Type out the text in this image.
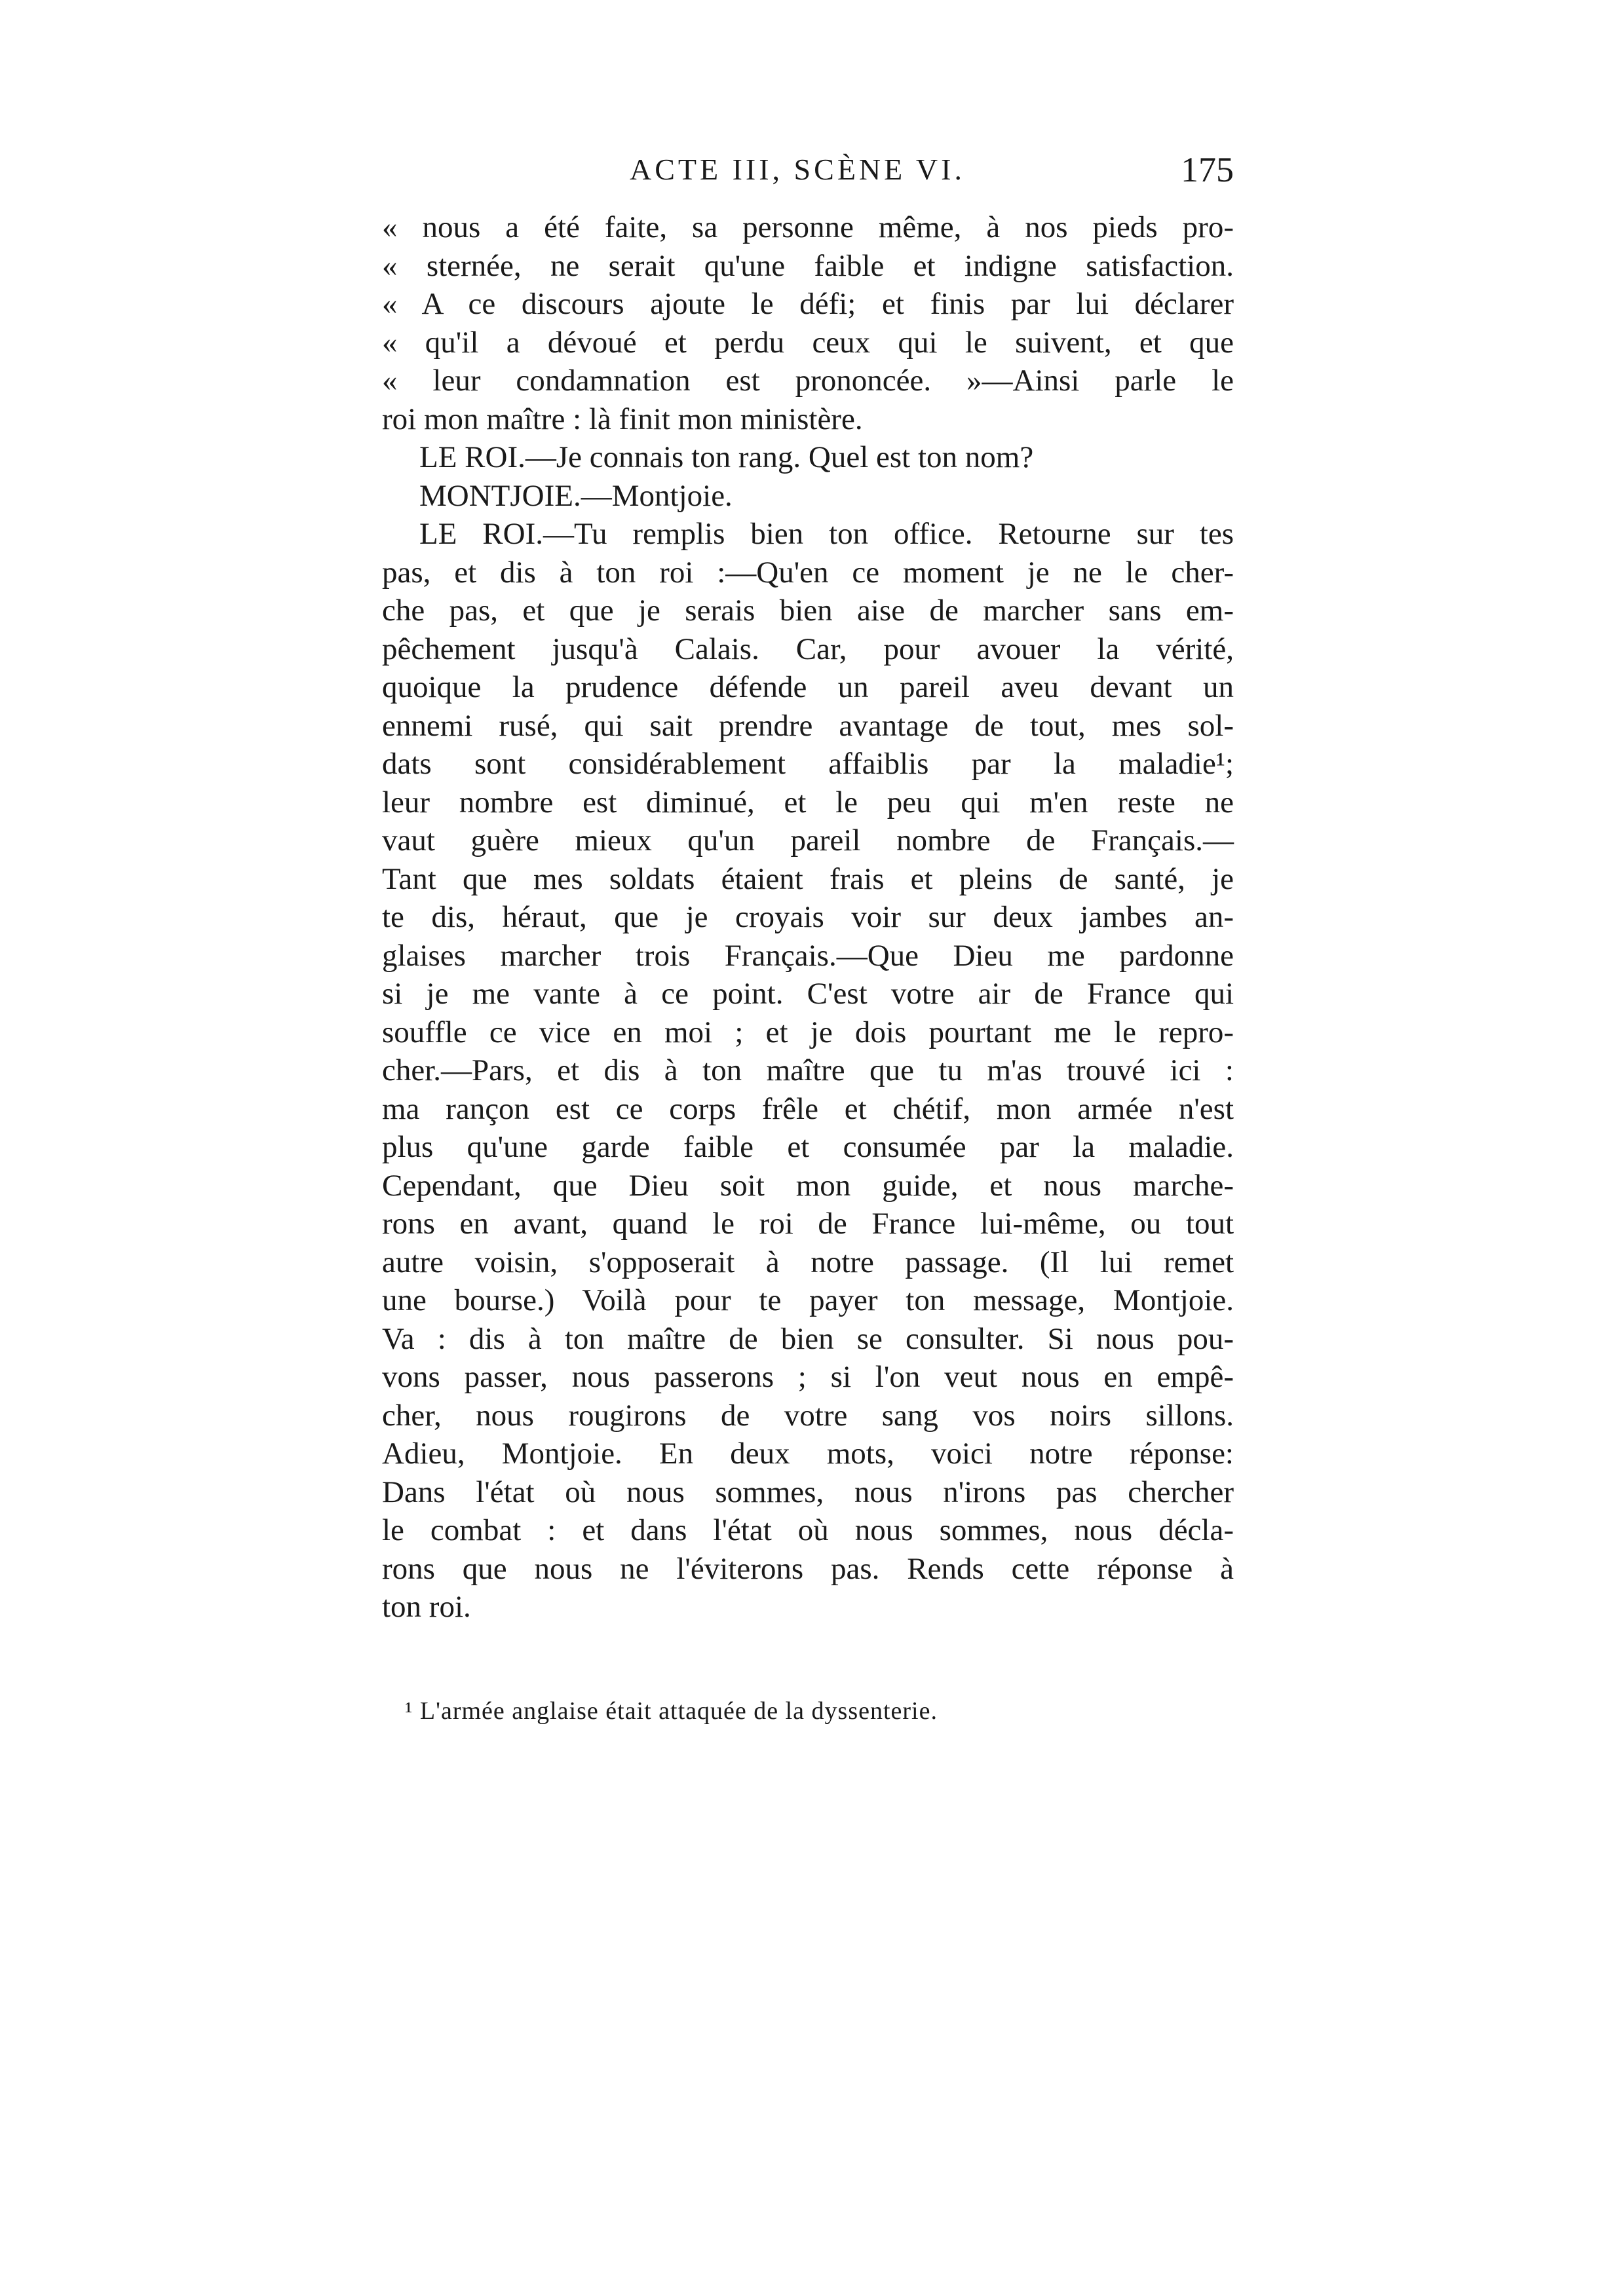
ACTE III, SCÈNE VI.	175
« nous a été faite, sa personne même, à nos pieds pro-
« sternée, ne serait qu'une faible et indigne satisfaction.
« A ce discours ajoute le défi; et finis par lui déclarer
« qu'il a dévoué et perdu ceux qui le suivent, et que
« leur condamnation est prononcée. »—Ainsi parle le
roi mon maître : là finit mon ministère.
LE ROI.—Je connais ton rang. Quel est ton nom?
MONTJOIE.—Montjoie.
LE ROI.—Tu remplis bien ton office. Retourne sur tes
pas, et dis à ton roi :—Qu'en ce moment je ne le cher-
che pas, et que je serais bien aise de marcher sans em-
pêchement jusqu'à Calais. Car, pour avouer la vérité,
quoique la prudence défende un pareil aveu devant un
ennemi rusé, qui sait prendre avantage de tout, mes sol-
dats sont considérablement affaiblis par la maladie¹;
leur nombre est diminué, et le peu qui m'en reste ne
vaut guère mieux qu'un pareil nombre de Français.—
Tant que mes soldats étaient frais et pleins de santé, je
te dis, héraut, que je croyais voir sur deux jambes an-
glaises marcher trois Français.—Que Dieu me pardonne
si je me vante à ce point. C'est votre air de France qui
souffle ce vice en moi ; et je dois pourtant me le repro-
cher.—Pars, et dis à ton maître que tu m'as trouvé ici :
ma rançon est ce corps frêle et chétif, mon armée n'est
plus qu'une garde faible et consumée par la maladie.
Cependant, que Dieu soit mon guide, et nous marche-
rons en avant, quand le roi de France lui-même, ou tout
autre voisin, s'opposerait à notre passage. (Il lui remet
une bourse.) Voilà pour te payer ton message, Montjoie.
Va : dis à ton maître de bien se consulter. Si nous pou-
vons passer, nous passerons ; si l'on veut nous en empê-
cher, nous rougirons de votre sang vos noirs sillons.
Adieu, Montjoie. En deux mots, voici notre réponse:
Dans l'état où nous sommes, nous n'irons pas chercher
le combat : et dans l'état où nous sommes, nous décla-
rons que nous ne l'éviterons pas. Rends cette réponse à
ton roi.
¹ L'armée anglaise était attaquée de la dyssenterie.
